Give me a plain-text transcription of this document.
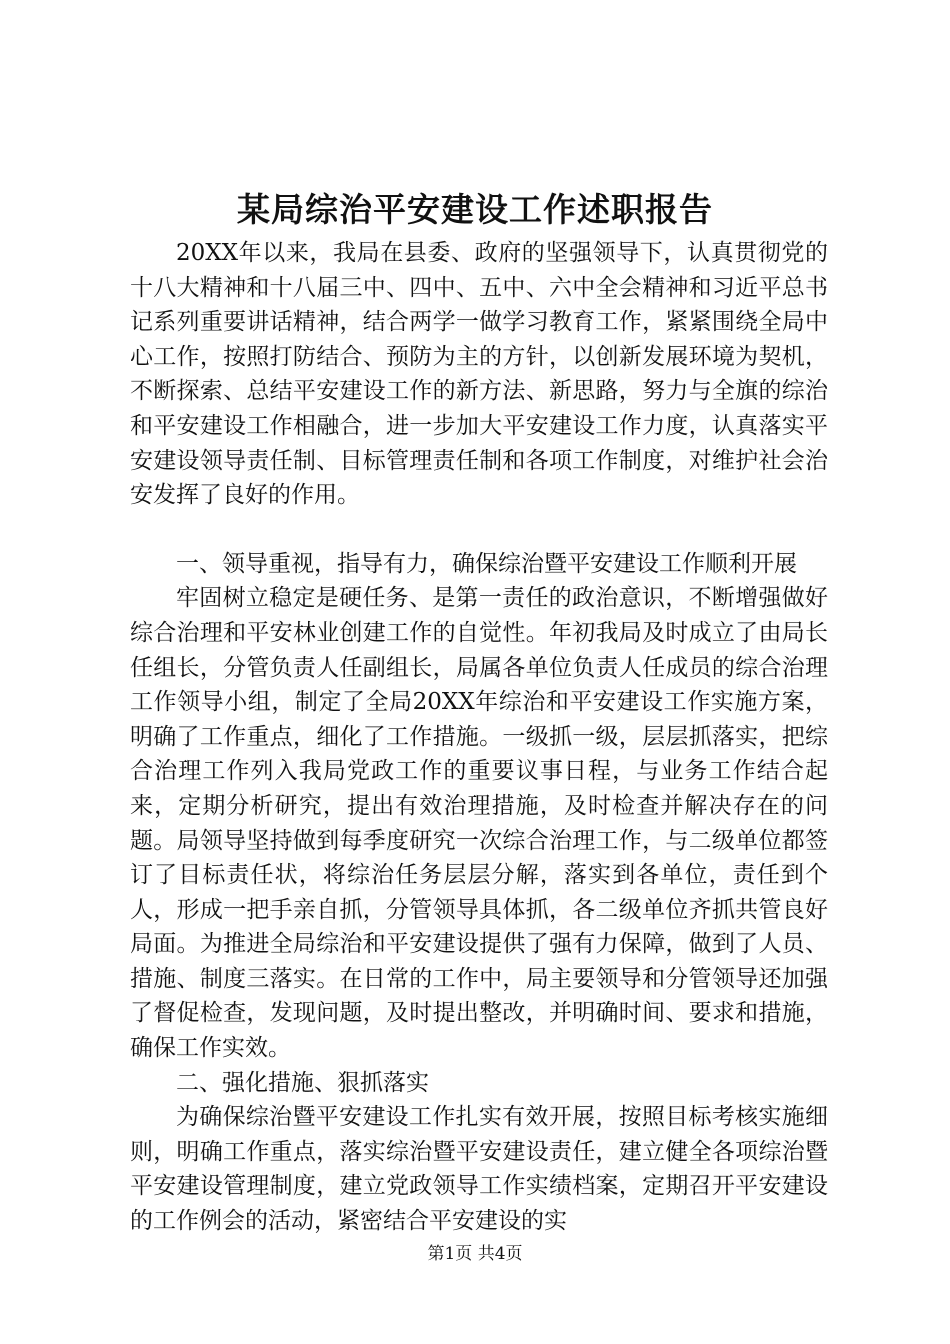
某局综治平安建设工作述职报告

20XX年以来，我局在县委、政府的坚强领导下，认真贯彻党的十八大精神和十八届三中、四中、五中、六中全会精神和习近平总书记系列重要讲话精神，结合两学一做学习教育工作，紧紧围绕全局中心工作，按照打防结合、预防为主的方针，以创新发展环境为契机，不断探索、总结平安建设工作的新方法、新思路，努力与全旗的综治和平安建设工作相融合，进一步加大平安建设工作力度，认真落实平安建设领导责任制、目标管理责任制和各项工作制度，对维护社会治安发挥了良好的作用。

一、领导重视，指导有力，确保综治暨平安建设工作顺利开展

牢固树立稳定是硬任务、是第一责任的政治意识，不断增强做好综合治理和平安林业创建工作的自觉性。年初我局及时成立了由局长任组长，分管负责人任副组长，局属各单位负责人任成员的综合治理工作领导小组，制定了全局20XX年综治和平安建设工作实施方案，明确了工作重点，细化了工作措施。一级抓一级，层层抓落实，把综合治理工作列入我局党政工作的重要议事日程，与业务工作结合起来，定期分析研究，提出有效治理措施，及时检查并解决存在的问题。局领导坚持做到每季度研究一次综合治理工作，与二级单位都签订了目标责任状，将综治任务层层分解，落实到各单位，责任到个人，形成一把手亲自抓，分管领导具体抓，各二级单位齐抓共管良好局面。为推进全局综治和平安建设提供了强有力保障，做到了人员、措施、制度三落实。在日常的工作中，局主要领导和分管领导还加强了督促检查，发现问题，及时提出整改，并明确时间、要求和措施，确保工作实效。

二、强化措施、狠抓落实

为确保综治暨平安建设工作扎实有效开展，按照目标考核实施细则，明确工作重点，落实综治暨平安建设责任，建立健全各项综治暨平安建设管理制度，建立党政领导工作实绩档案，定期召开平安建设的工作例会的活动，紧密结合平安建设的实

第1页 共4页
